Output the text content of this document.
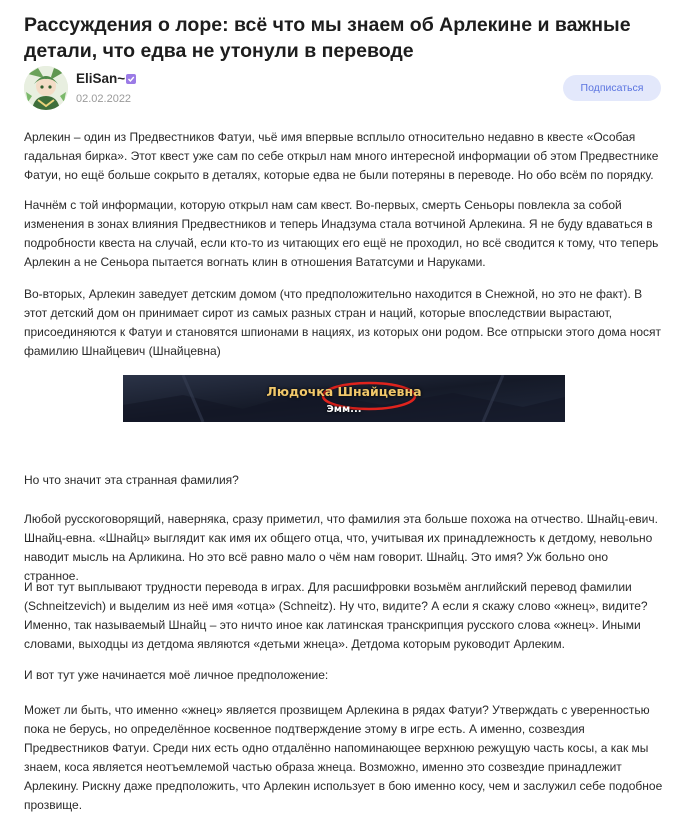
Рассуждения о лоре: всё что мы знаем об Арлекине и важные детали, что едва не утонули в переводе
EliSan~
02.02.2022
Подписаться

Арлекин – один из Предвестников Фатуи, чьё имя впервые всплыло относительно недавно в квесте «Особая гадальная бирка». Этот квест уже сам по себе открыл нам много интересной информации об этом Предвестнике Фатуи, но ещё больше сокрыто в деталях, которые едва не были потеряны в переводе. Но обо всём по порядку.

Начнём с той информации, которую открыл нам сам квест. Во-первых, смерть Сеньоры повлекла за собой изменения в зонах влияния Предвестников и теперь Инадзума стала вотчиной Арлекина. Я не буду вдаваться в подробности квеста на случай, если кто-то из читающих его ещё не проходил, но всё сводится к тому, что теперь Арлекин а не Сеньора пытается вогнать клин в отношения Вататсуми и Наруками.

Во-вторых, Арлекин заведует детским домом (что предположительно находится в Снежной, но это не факт). В этот детский дом он принимает сирот из самых разных стран и наций, которые впоследствии вырастают, присоединяются к Фатуи и становятся шпионами в нациях, из которых они родом. Все отпрыски этого дома носят фамилию Шнайцевич (Шнайцевна)

Но что значит эта странная фамилия?

Любой русскоговорящий, наверняка, сразу приметил, что фамилия эта больше похожа на отчество. Шнайц-евич. Шнайц-евна. «Шнайц» выглядит как имя их общего отца, что, учитывая их принадлежность к детдому, невольно наводит мысль на Арликина. Но это всё равно мало о чём нам говорит. Шнайц. Это имя? Уж больно оно странное.

И вот тут выплывают трудности перевода в играх. Для расшифровки возьмём английский перевод фамилии (Schneitzevich) и выделим из неё имя «отца» (Schneitz). Ну что, видите? А если я скажу слово «жнец», видите? Именно, так называемый Шнайц – это ничто иное как латинская транскрипция русского слова «жнец». Иными словами, выходцы из детдома являются «детьми жнеца». Детдома которым руководит Арлеким.

И вот тут уже начинается моё личное предположение:

Может ли быть, что именно «жнец» является прозвищем Арлекина в рядах Фатуи? Утверждать с уверенностью пока не берусь, но определённое косвенное подтверждение этому в игре есть. А именно, созвездия Предвестников Фатуи. Среди них есть одно отдалённо напоминающее верхнюю режущую часть косы, а как мы знаем, коса является неотъемлемой частью образа жнеца. Возможно, именно это созвездие принадлежит Арлекину. Рискну даже предположить, что Арлекин использует в бою именно косу, чем и заслужил себе подобное прозвище.

Людочка Шнайцевна
Эмм...
